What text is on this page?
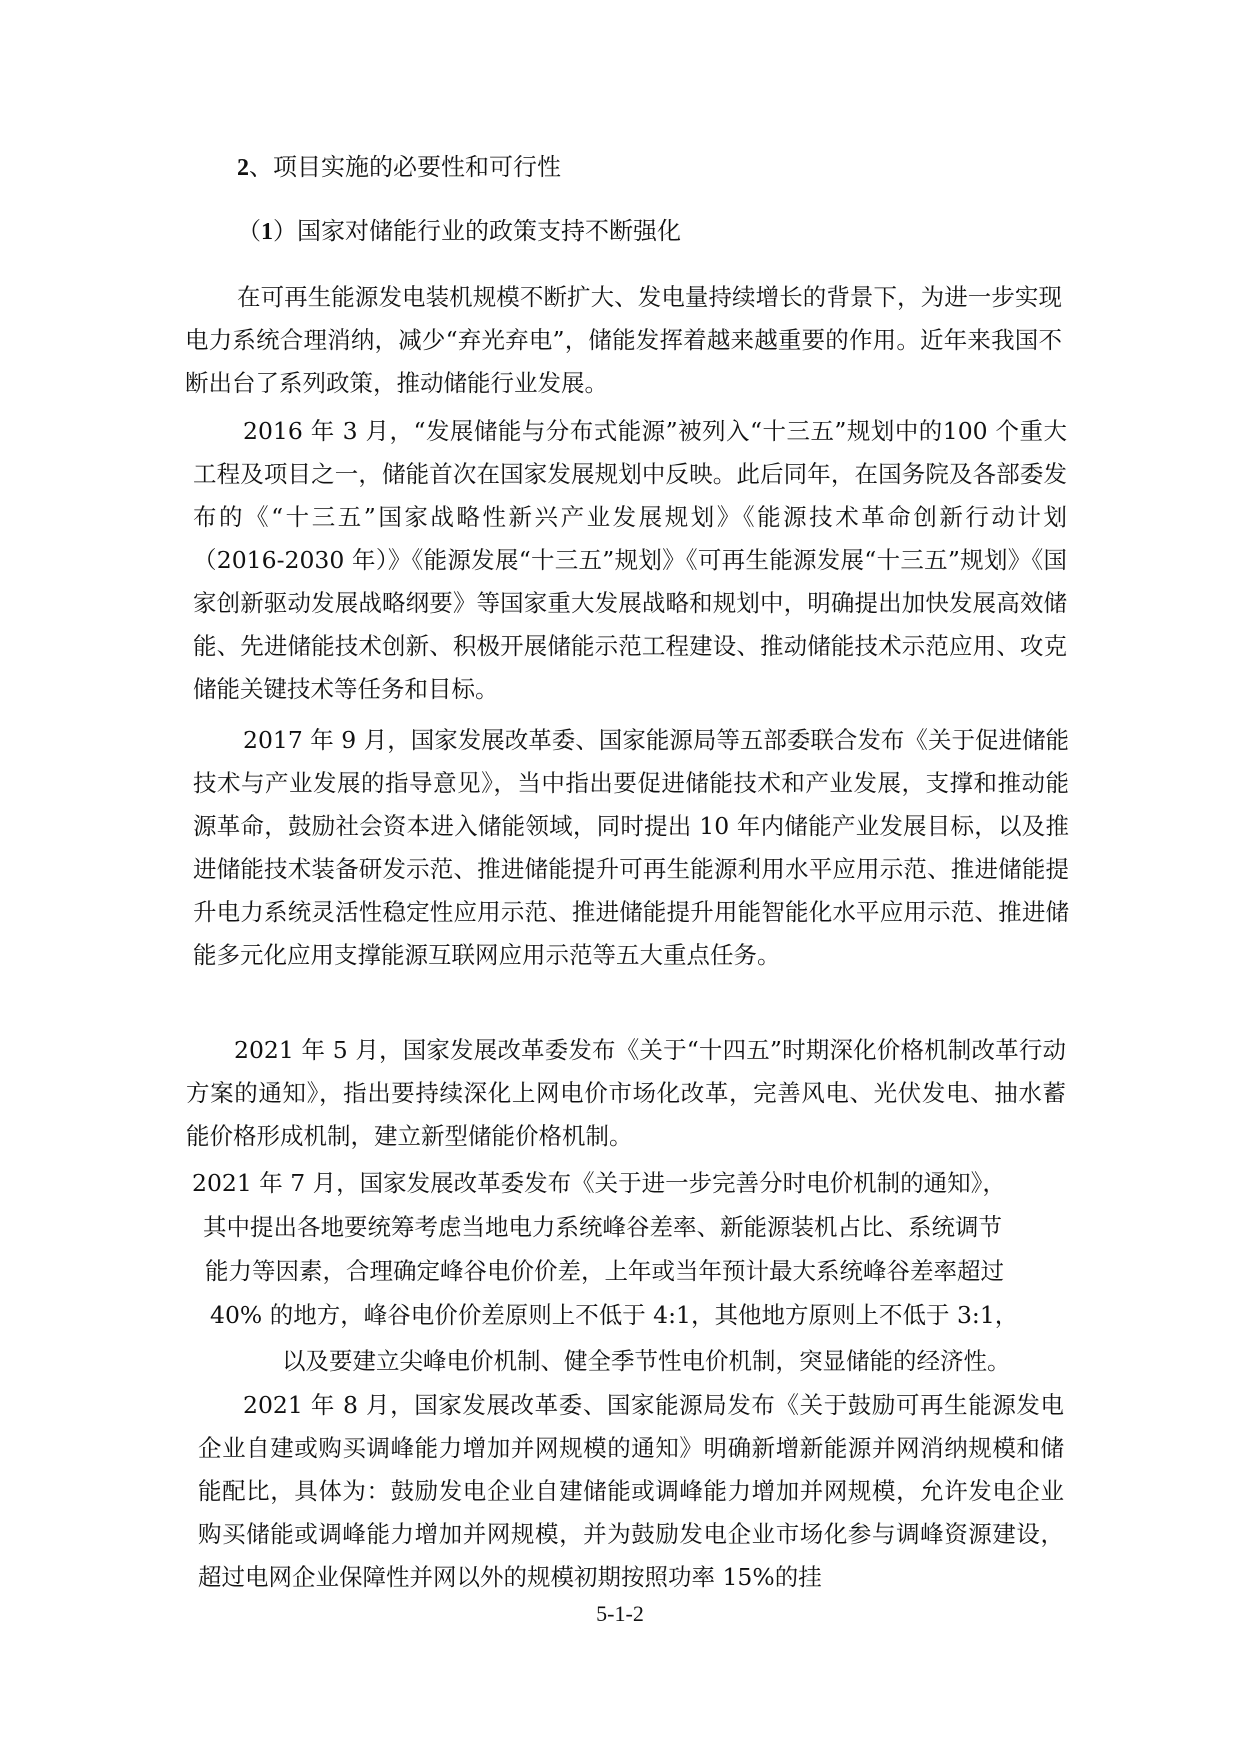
2、项目实施的必要性和可行性
（1）国家对储能行业的政策支持不断强化

在可再生能源发电装机规模不断扩大、发电量持续增长的背景下，为进一步实现电力系统合理消纳，减少“弃光弃电”，储能发挥着越来越重要的作用。近年来我国不断出台了系列政策，推动储能行业发展。

2016 年 3 月，“发展储能与分布式能源”被列入“十三五”规划中的100 个重大工程及项目之一，储能首次在国家发展规划中反映。此后同年，在国务院及各部委发布的《“十三五”国家战略性新兴产业发展规划》《能源技术革命创新行动计划（2016-2030 年）》《能源发展“十三五”规划》《可再生能源发展“十三五”规划》《国家创新驱动发展战略纲要》等国家重大发展战略和规划中，明确提出加快发展高效储能、先进储能技术创新、积极开展储能示范工程建设、推动储能技术示范应用、攻克储能关键技术等任务和目标。

2017 年 9 月，国家发展改革委、国家能源局等五部委联合发布《关于促进储能技术与产业发展的指导意见》，当中指出要促进储能技术和产业发展，支撑和推动能源革命，鼓励社会资本进入储能领域，同时提出 10 年内储能产业发展目标，以及推进储能技术装备研发示范、推进储能提升可再生能源利用水平应用示范、推进储能提升电力系统灵活性稳定性应用示范、推进储能提升用能智能化水平应用示范、推进储能多元化应用支撑能源互联网应用示范等五大重点任务。

2021 年 5 月，国家发展改革委发布《关于“十四五”时期深化价格机制改革行动方案的通知》，指出要持续深化上网电价市场化改革，完善风电、光伏发电、抽水蓄能价格形成机制，建立新型储能价格机制。

2021 年 7 月，国家发展改革委发布《关于进一步完善分时电价机制的通知》，

其中提出各地要统筹考虑当地电力系统峰谷差率、新能源装机占比、系统调节

能力等因素，合理确定峰谷电价价差，上年或当年预计最大系统峰谷差率超过

40% 的地方，峰谷电价价差原则上不低于 4:1，其他地方原则上不低于 3:1，

以及要建立尖峰电价机制、健全季节性电价机制，突显储能的经济性。

2021 年 8 月，国家发展改革委、国家能源局发布《关于鼓励可再生能源发电企业自建或购买调峰能力增加并网规模的通知》明确新增新能源并网消纳规模和储能配比，具体为：鼓励发电企业自建储能或调峰能力增加并网规模，允许发电企业购买储能或调峰能力增加并网规模，并为鼓励发电企业市场化参与调峰资源建设，超过电网企业保障性并网以外的规模初期按照功率 15%的挂

5-1-2
